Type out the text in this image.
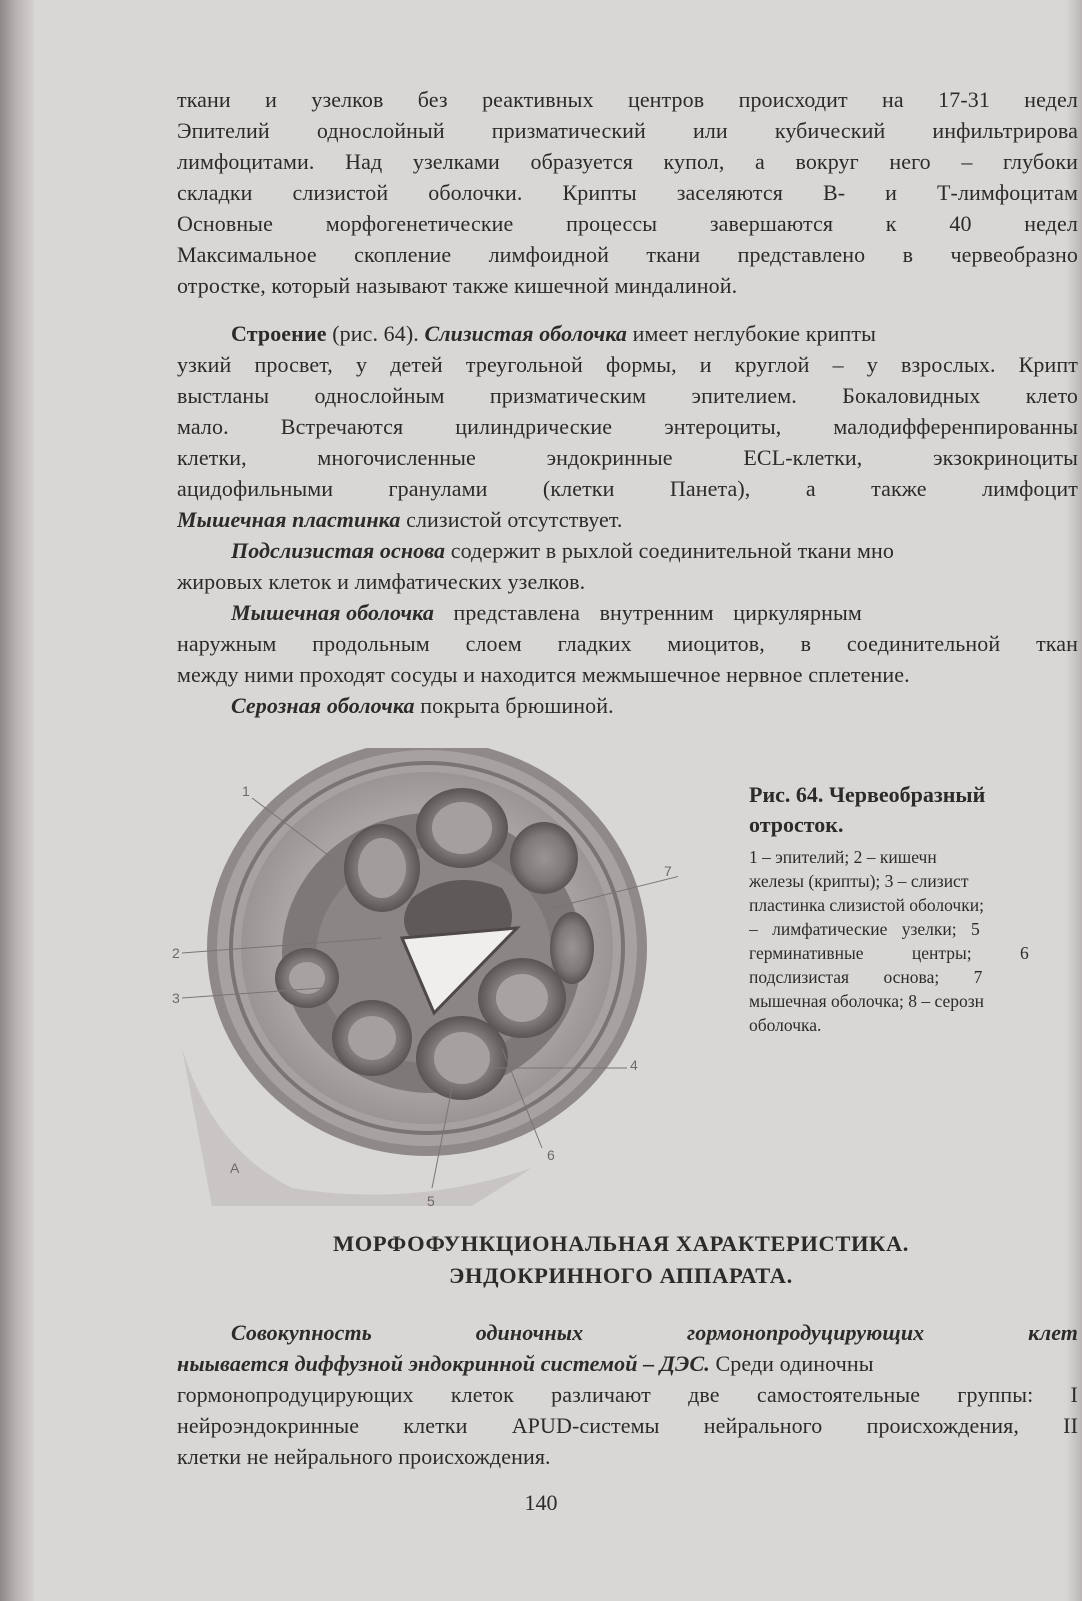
ткани и узелков без реактивных центров происходит на 17-31 недел
Эпителий однослойный призматический или кубический инфильтрирова
лимфоцитами. Над узелками образуется купол, а вокруг него – глубоки
складки слизистой оболочки. Крипты заселяются В- и Т-лимфоцитам
Основные морфогенетические процессы завершаются к 40 недел
Максимальное скопление лимфоидной ткани представлено в червеобразно
отростке, который называют также кишечной миндалиной.
Строение (рис. 64). Слизистая оболочка имеет неглубокие крипты
узкий просвет, у детей треугольной формы, и круглой – у взрослых. Крипт
выстланы однослойным призматическим эпителием. Бокаловидных клето
мало. Встречаются цилиндрические энтероциты, малодифференпированны
клетки, многочисленные эндокринные ECL-клетки, экзокриноциты
ацидофильными гранулами (клетки Панета), а также лимфоцит
Мышечная пластинка слизистой отсутствует.
Подслизистая основа содержит в рыхлой соединительной ткани мно
жировых клеток и лимфатических узелков.
Мышечная оболочка представлена внутренним циркулярным
наружным продольным слоем гладких миоцитов, в соединительной ткан
между ними проходят сосуды и находится межмышечное нервное сплетение.
Серозная оболочка покрыта брюшиной.
1
2
3
4
5
6
7
А
Рис. 64. Червеобразный
отросток.
1 – эпителий; 2 – кишечн
железы (крипты); 3 – слизист
пластинка слизистой оболочки;
– лимфатические узелки; 5
герминативные центры; 6
подслизистая основа; 7
мышечная оболочка; 8 – серозн
оболочка.
МОРФОФУНКЦИОНАЛЬНАЯ ХАРАКТЕРИСТИКА.
ЭНДОКРИННОГО АППАРАТА.
Совокупность одиночных гормонопродуцирующих клет
ныывается диффузной эндокринной системой – ДЭС. Среди одиночны
гормонопродуцирующих клеток различают две самостоятельные группы: I
нейроэндокринные клетки APUD-системы нейрального происхождения, II
клетки не нейрального происхождения.
140
